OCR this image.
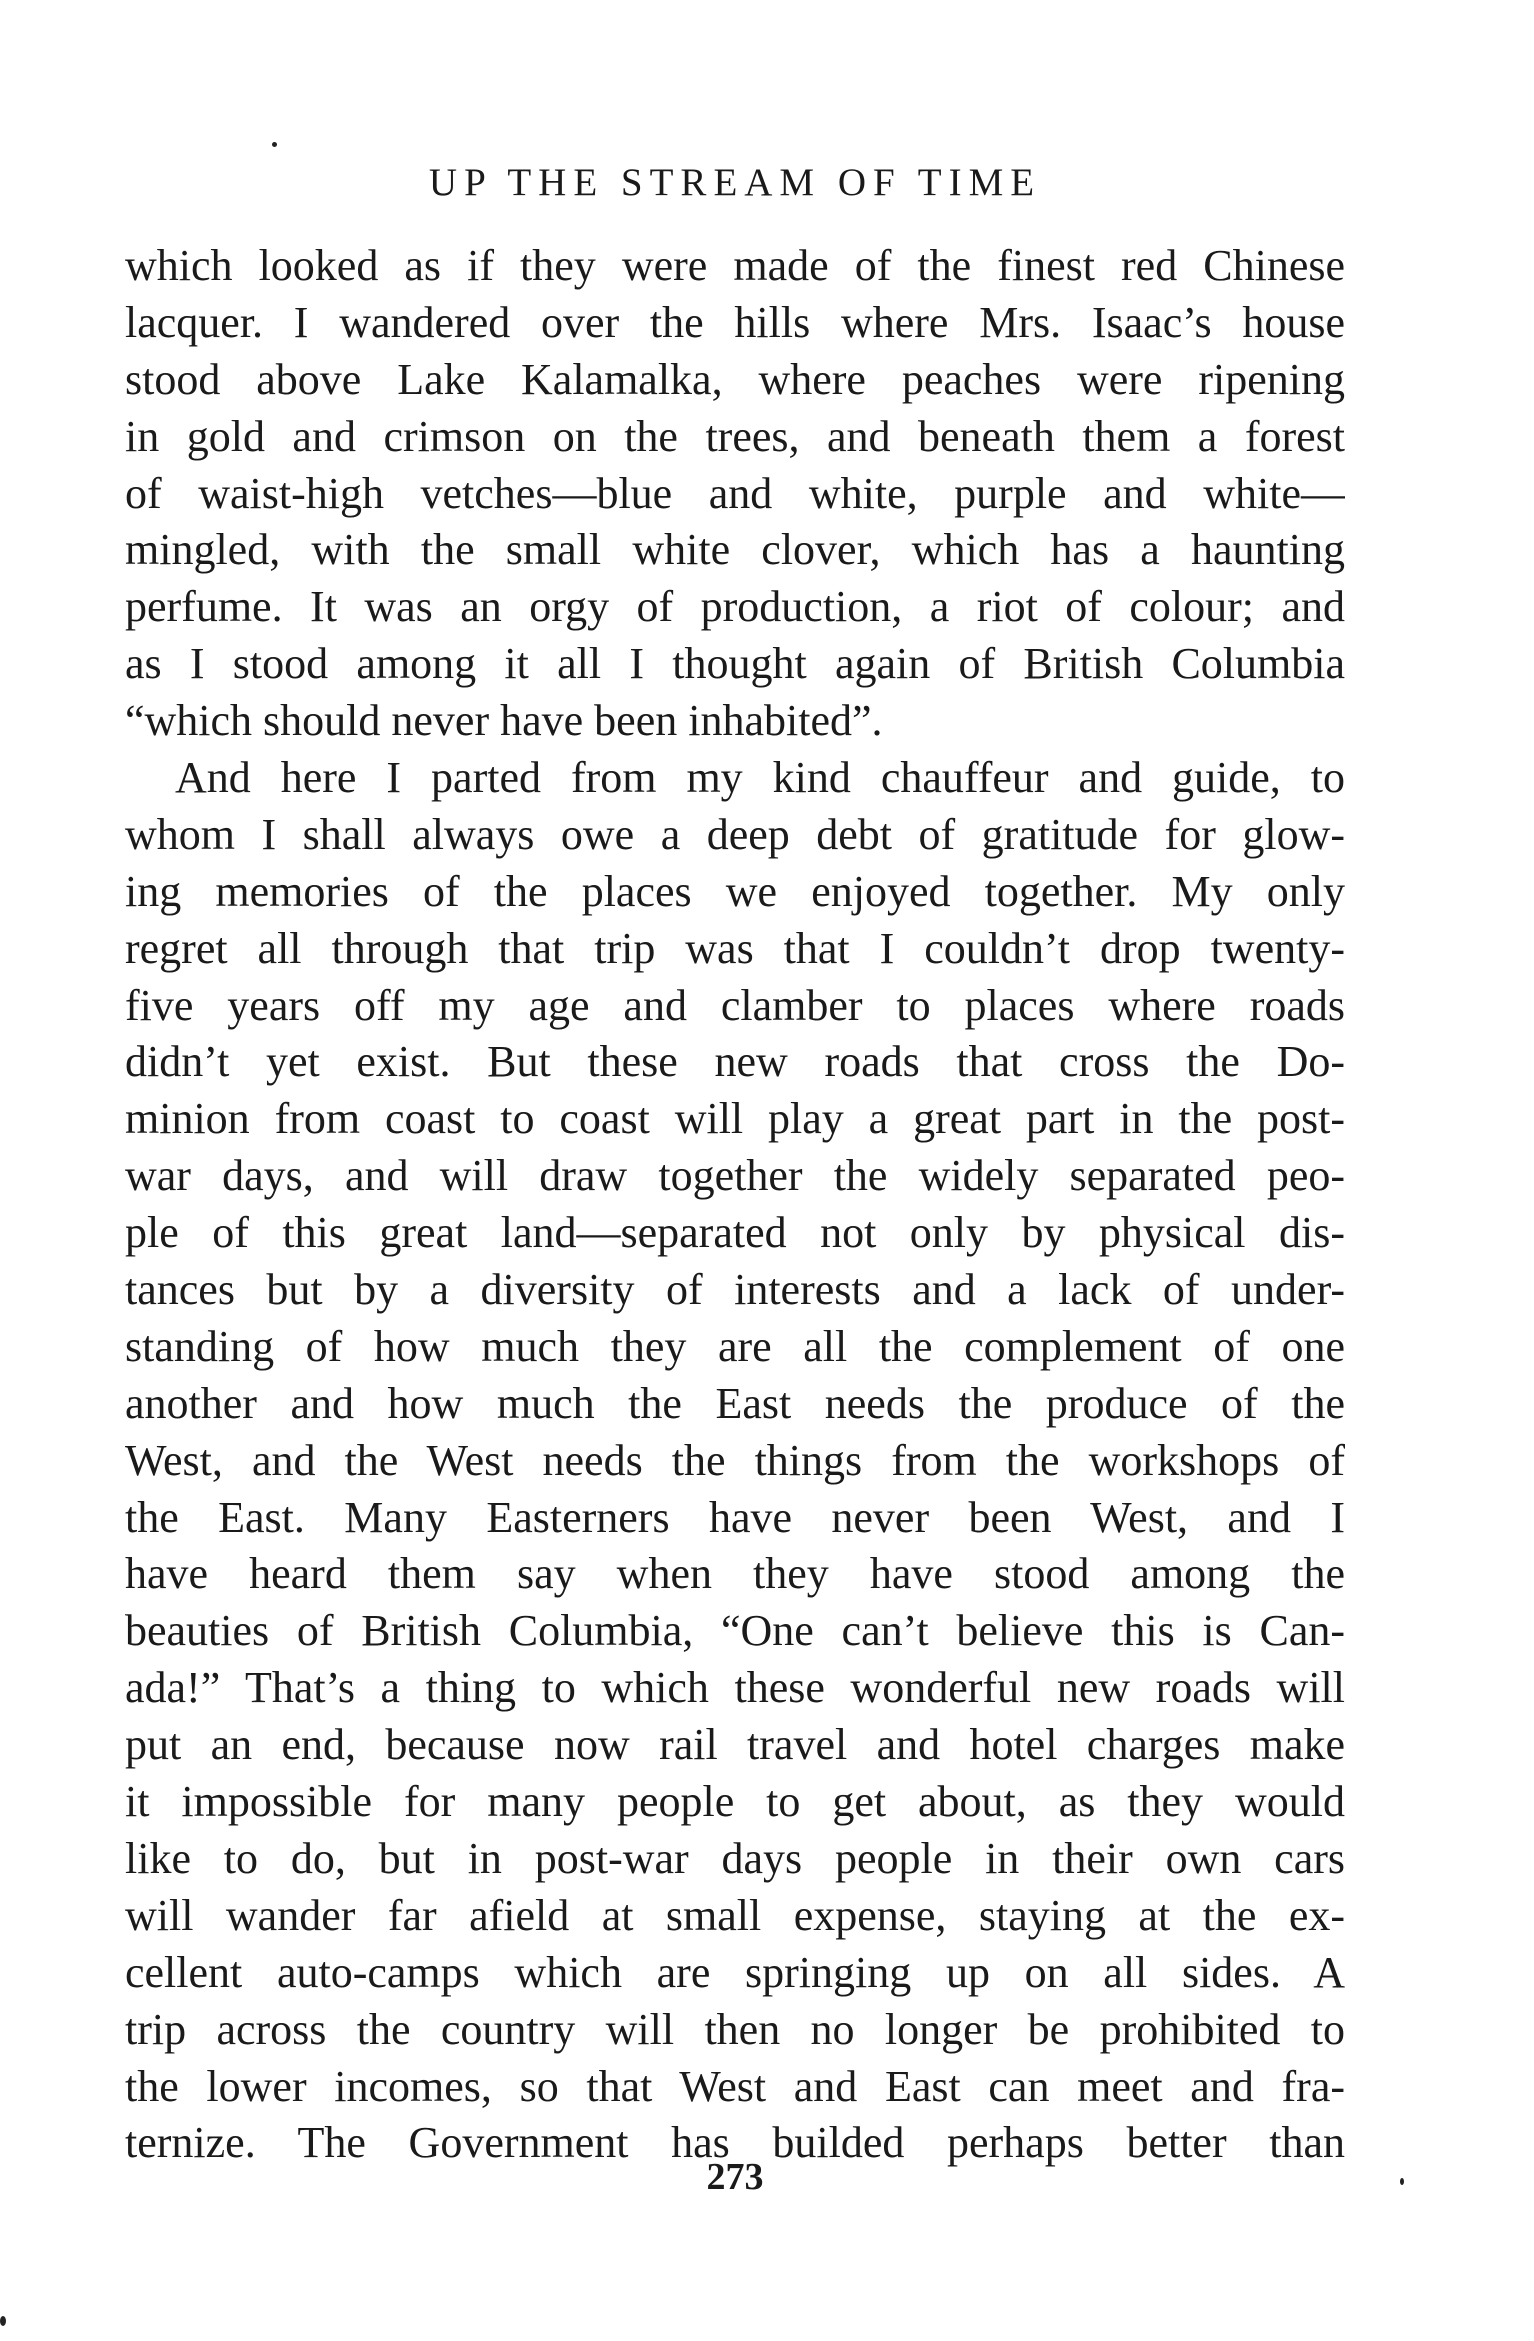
UP THE STREAM OF TIME
which looked as if they were made of the finest red Chinese
lacquer. I wandered over the hills where Mrs. Isaac’s house
stood above Lake Kalamalka, where peaches were ripening
in gold and crimson on the trees, and beneath them a forest
of waist-high vetches—blue and white, purple and white—
mingled, with the small white clover, which has a haunting
perfume. It was an orgy of production, a riot of colour; and
as I stood among it all I thought again of British Columbia
“which should never have been inhabited”.
And here I parted from my kind chauffeur and guide, to
whom I shall always owe a deep debt of gratitude for glow-
ing memories of the places we enjoyed together. My only
regret all through that trip was that I couldn’t drop twenty-
five years off my age and clamber to places where roads
didn’t yet exist. But these new roads that cross the Do-
minion from coast to coast will play a great part in the post-
war days, and will draw together the widely separated peo-
ple of this great land—separated not only by physical dis-
tances but by a diversity of interests and a lack of under-
standing of how much they are all the complement of one
another and how much the East needs the produce of the
West, and the West needs the things from the workshops of
the East. Many Easterners have never been West, and I
have heard them say when they have stood among the
beauties of British Columbia, “One can’t believe this is Can-
ada!” That’s a thing to which these wonderful new roads will
put an end, because now rail travel and hotel charges make
it impossible for many people to get about, as they would
like to do, but in post-war days people in their own cars
will wander far afield at small expense, staying at the ex-
cellent auto-camps which are springing up on all sides. A
trip across the country will then no longer be prohibited to
the lower incomes, so that West and East can meet and fra-
ternize. The Government has builded perhaps better than
273
